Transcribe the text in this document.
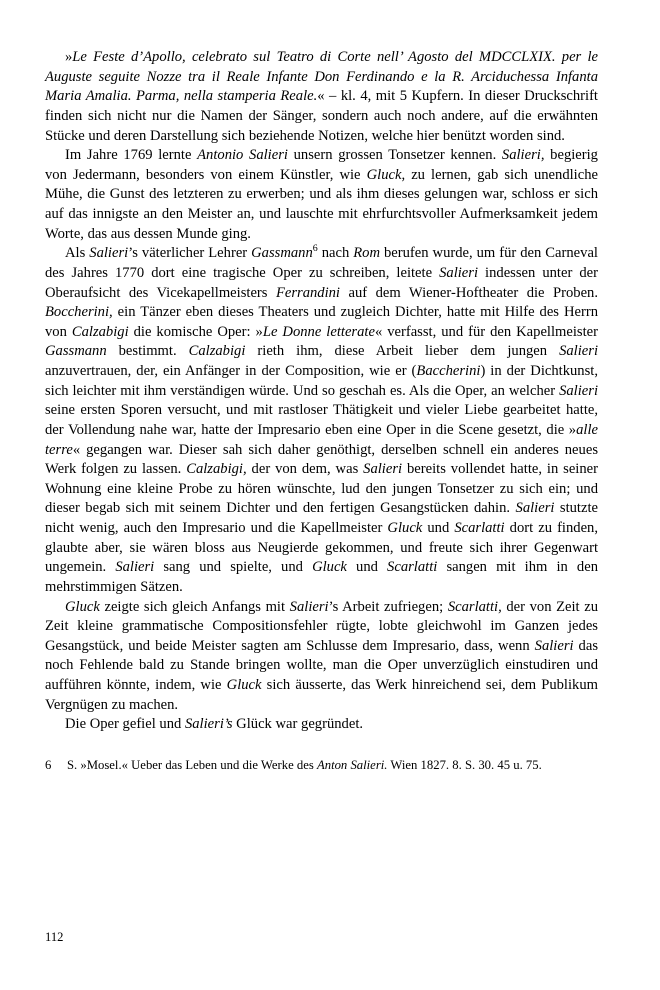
»Le Feste d’Apollo, celebrato sul Teatro di Corte nell’ Agosto del MDCCLXIX. per le Auguste seguite Nozze tra il Reale Infante Don Ferdinando e la R. Arciduchessa Infanta Maria Amalia. Parma, nella stamperia Reale.« – kl. 4, mit 5 Kupfern. In dieser Druckschrift finden sich nicht nur die Namen der Sänger, sondern auch noch andere, auf die erwähnten Stücke und deren Darstellung sich beziehende Notizen, welche hier benützt worden sind.

Im Jahre 1769 lernte Antonio Salieri unsern grossen Tonsetzer kennen. Salieri, begierig von Jedermann, besonders von einem Künstler, wie Gluck, zu lernen, gab sich unendliche Mühe, die Gunst des letzteren zu erwerben; und als ihm dieses gelungen war, schloss er sich auf das innigste an den Meister an, und lauschte mit ehrfurchtsvoller Aufmerksamkeit jedem Worte, das aus dessen Munde ging.

Als Salieri’s väterlicher Lehrer Gassmann$^6$ nach Rom berufen wurde, um für den Carneval des Jahres 1770 dort eine tragische Oper zu schreiben, leitete Salieri indessen unter der Oberaufsicht des Vicekapellmeisters Ferrandini auf dem Wiener-Hoftheater die Proben. Boccherini, ein Tänzer eben dieses Theaters und zugleich Dichter, hatte mit Hilfe des Herrn von Calzabigi die komische Oper: »Le Donne letterate« verfasst, und für den Kapellmeister Gassmann bestimmt. Calzabigi rieth ihm, diese Arbeit lieber dem jungen Salieri anzuvertrauen, der, ein Anfänger in der Composition, wie er (Baccherini) in der Dichtkunst, sich leichter mit ihm verständigen würde. Und so geschah es. Als die Oper, an welcher Salieri seine ersten Sporen versucht, und mit rastloser Thätigkeit und vieler Liebe gearbeitet hatte, der Vollendung nahe war, hatte der Impresario eben eine Oper in die Scene gesetzt, die »alle terre« gegangen war. Dieser sah sich daher genöthigt, derselben schnell ein anderes neues Werk folgen zu lassen. Calzabigi, der von dem, was Salieri bereits vollendet hatte, in seiner Wohnung eine kleine Probe zu hören wünschte, lud den jungen Tonsetzer zu sich ein; und dieser begab sich mit seinem Dichter und den fertigen Gesangstücken dahin. Salieri stutzte nicht wenig, auch den Impresario und die Kapellmeister Gluck und Scarlatti dort zu finden, glaubte aber, sie wären bloss aus Neugierde gekommen, und freute sich ihrer Gegenwart ungemein. Salieri sang und spielte, und Gluck und Scarlatti sangen mit ihm in den mehrstimmigen Sätzen.

Gluck zeigte sich gleich Anfangs mit Salieri’s Arbeit zufriegen; Scarlatti, der von Zeit zu Zeit kleine grammatische Compositionsfehler rügte, lobte gleichwohl im Ganzen jedes Gesangstück, und beide Meister sagten am Schlusse dem Impresario, dass, wenn Salieri das noch Fehlende bald zu Stande bringen wollte, man die Oper unverzüglich einstudiren und aufführen könnte, indem, wie Gluck sich äusserte, das Werk hinreichend sei, dem Publikum Vergnügen zu machen.

Die Oper gefiel und Salieri’s Glück war gegründet.

6	S. »Mosel.« Ueber das Leben und die Werke des Anton Salieri. Wien 1827. 8. S. 30. 45 u. 75.
112
